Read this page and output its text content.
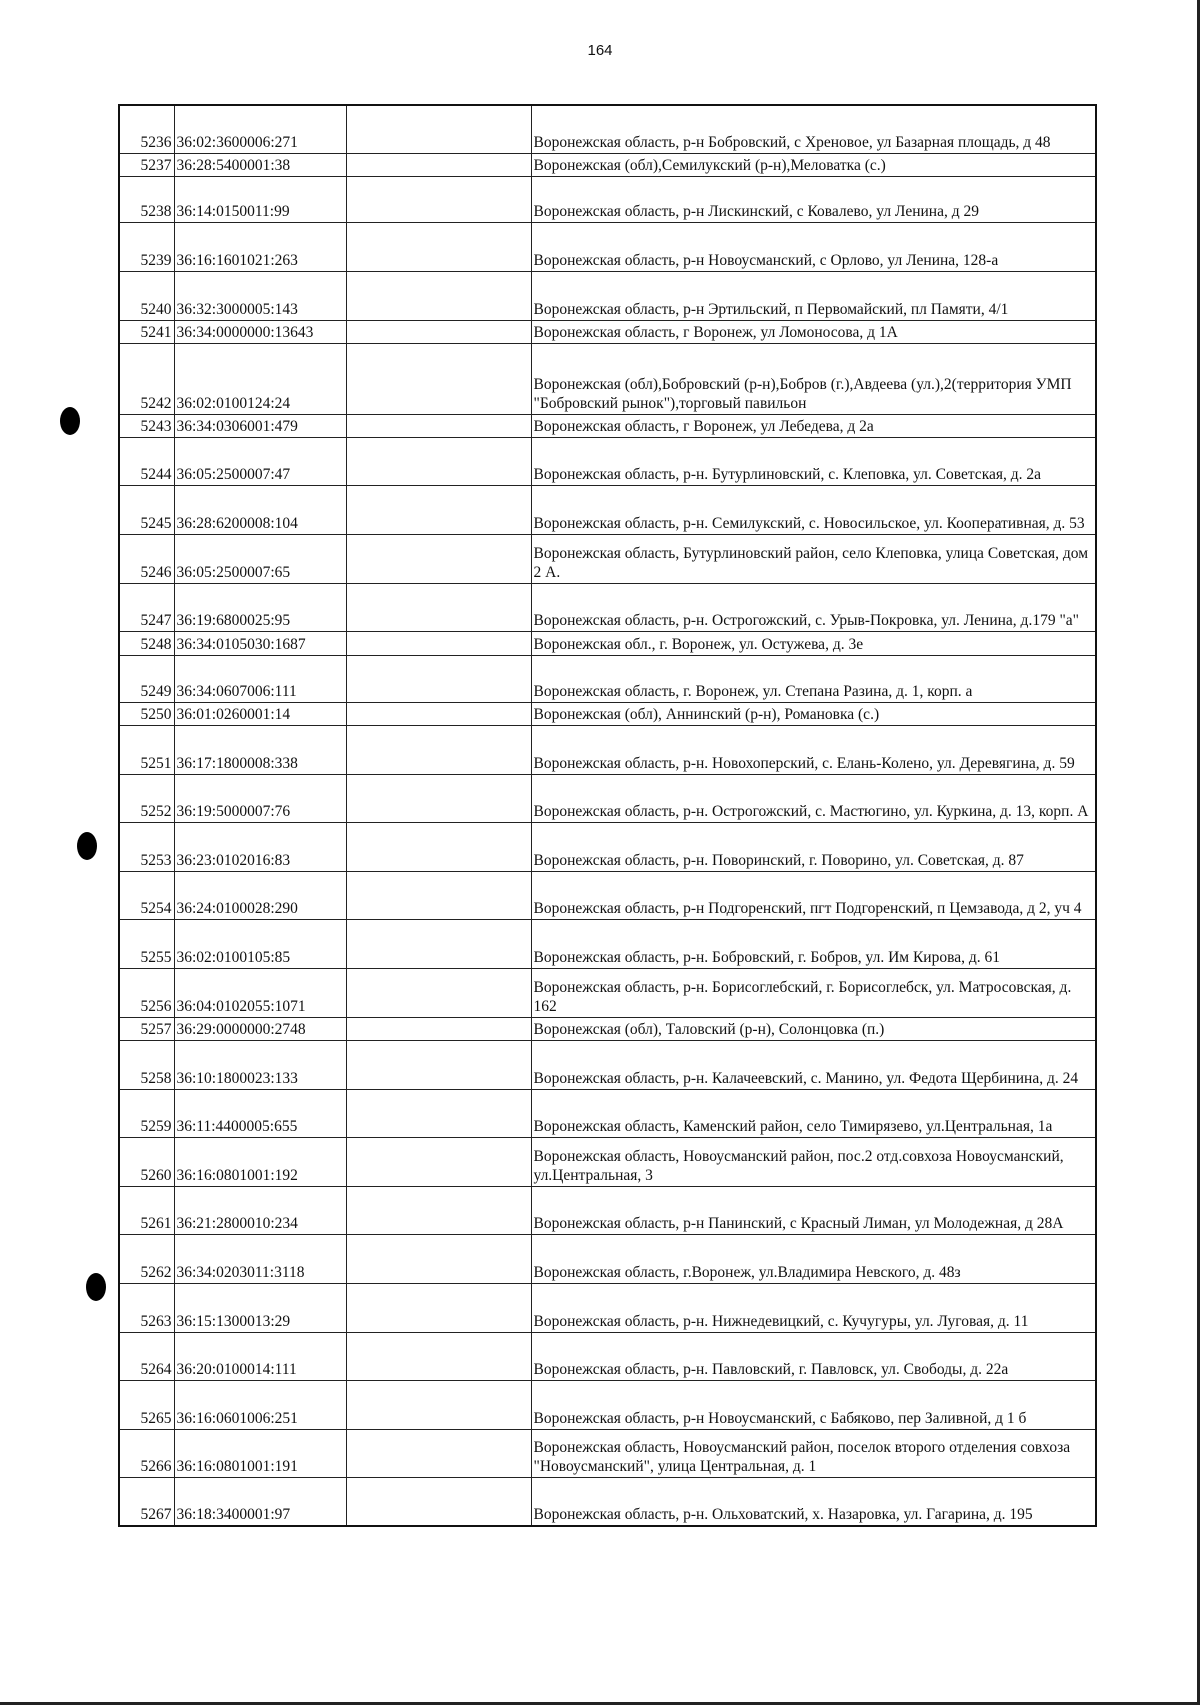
164
5236	36:02:3600006:271		Воронежская область, р-н Бобровский, с Хреновое, ул Базарная площадь, д 48
5237	36:28:5400001:38		Воронежская (обл),Семилукский (р-н),Меловатка (с.)
5238	36:14:0150011:99		Воронежская область, р-н Лискинский, с Ковалево, ул Ленина, д 29
5239	36:16:1601021:263		Воронежская область, р-н Новоусманский, с Орлово, ул Ленина, 128-а
5240	36:32:3000005:143		Воронежская область, р-н Эртильский, п Первомайский, пл Памяти, 4/1
5241	36:34:0000000:13643		Воронежская область, г Воронеж, ул Ломоносова, д 1А
5242	36:02:0100124:24		Воронежская (обл),Бобровский (р-н),Бобров (г.),Авдеева (ул.),2(территория УМП "Бобровский рынок"),торговый павильон
5243	36:34:0306001:479		Воронежская область, г Воронеж, ул Лебедева, д 2а
5244	36:05:2500007:47		Воронежская область, р-н. Бутурлиновский, с. Клеповка, ул. Советская, д. 2а
5245	36:28:6200008:104		Воронежская область, р-н. Семилукский, с. Новосильское, ул. Кооперативная, д. 53
5246	36:05:2500007:65		Воронежская область, Бутурлиновский район, село Клеповка, улица Советская, дом 2 А.
5247	36:19:6800025:95		Воронежская область, р-н. Острогожский, с. Урыв-Покровка, ул. Ленина, д.179 "а"
5248	36:34:0105030:1687		Воронежская обл., г. Воронеж, ул. Остужева, д. 3е
5249	36:34:0607006:111		Воронежская область, г. Воронеж, ул. Степана Разина, д. 1, корп. а
5250	36:01:0260001:14		Воронежская (обл), Аннинский (р-н), Романовка (с.)
5251	36:17:1800008:338		Воронежская область, р-н. Новохоперский, с. Елань-Колено, ул. Деревягина, д. 59
5252	36:19:5000007:76		Воронежская область, р-н. Острогожский, с. Мастюгино, ул. Куркина, д. 13, корп. А
5253	36:23:0102016:83		Воронежская область, р-н. Поворинский, г. Поворино, ул. Советская, д. 87
5254	36:24:0100028:290		Воронежская область, р-н Подгоренский, пгт Подгоренский, п Цемзавода, д 2, уч 4
5255	36:02:0100105:85		Воронежская область, р-н. Бобровский, г. Бобров, ул. Им Кирова, д. 61
5256	36:04:0102055:1071		Воронежская область, р-н. Борисоглебский, г. Борисоглебск, ул. Матросовская, д. 162
5257	36:29:0000000:2748		Воронежская (обл), Таловский (р-н), Солонцовка (п.)
5258	36:10:1800023:133		Воронежская область, р-н. Калачеевский, с. Манино, ул. Федота Щербинина, д. 24
5259	36:11:4400005:655		Воронежская область, Каменский район, село Тимирязево, ул.Центральная, 1а
5260	36:16:0801001:192		Воронежская область, Новоусманский район, пос.2 отд.совхоза Новоусманский, ул.Центральная, 3
5261	36:21:2800010:234		Воронежская область, р-н Панинский, с Красный Лиман, ул Молодежная, д 28А
5262	36:34:0203011:3118		Воронежская область, г.Воронеж, ул.Владимира Невского, д. 48з
5263	36:15:1300013:29		Воронежская область, р-н. Нижнедевицкий, с. Кучугуры, ул. Луговая, д. 11
5264	36:20:0100014:111		Воронежская область, р-н. Павловский, г. Павловск, ул. Свободы, д. 22а
5265	36:16:0601006:251		Воронежская область, р-н Новоусманский, с Бабяково, пер Заливной, д 1 б
5266	36:16:0801001:191		Воронежская область, Новоусманский район, поселок второго отделения совхоза "Новоусманский", улица Центральная, д. 1
5267	36:18:3400001:97		Воронежская область, р-н. Ольховатский, х. Назаровка, ул. Гагарина, д. 195
